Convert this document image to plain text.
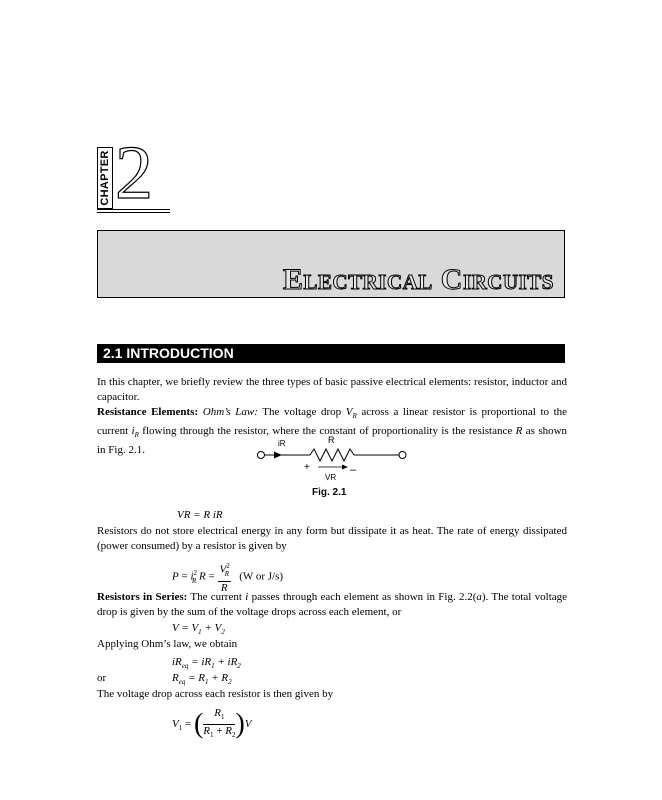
CHAPTER 2
Electrical Circuits
2.1 INTRODUCTION
In this chapter, we briefly review the three types of basic passive electrical elements: resistor, inductor and capacitor.
Resistance Elements: Ohm’s Law: The voltage drop $V_R$ across a linear resistor is proportional to the current $i_R$ flowing through the resistor, where the constant of proportionality is the resistance R as shown in Fig. 2.1.
iR	R
+	–
VR
Fig. 2.1
VR = R iR
Resistors do not store electrical energy in any form but dissipate it as heat. The rate of energy dissipated (power consumed) by a resistor is given by
$P = i^2_R$ $R = \frac{V^2_R}{R} (W$ or J/s)
Resistors in Series: The current i passes through each element as shown in Fig. 2.2(a). The total voltage drop is given by the sum of the voltage drops across each element, or
$V = V_1 + V_2$
Applying Ohm’s law, we obtain
$iR_{eq} = iR_1 + iR_2$
or	$R_{eq} = R_1 + R_2$
The voltage drop across each resistor is then given by
$V_1$ = ( $\frac{R_1}{R_1 + R_2} )V$
